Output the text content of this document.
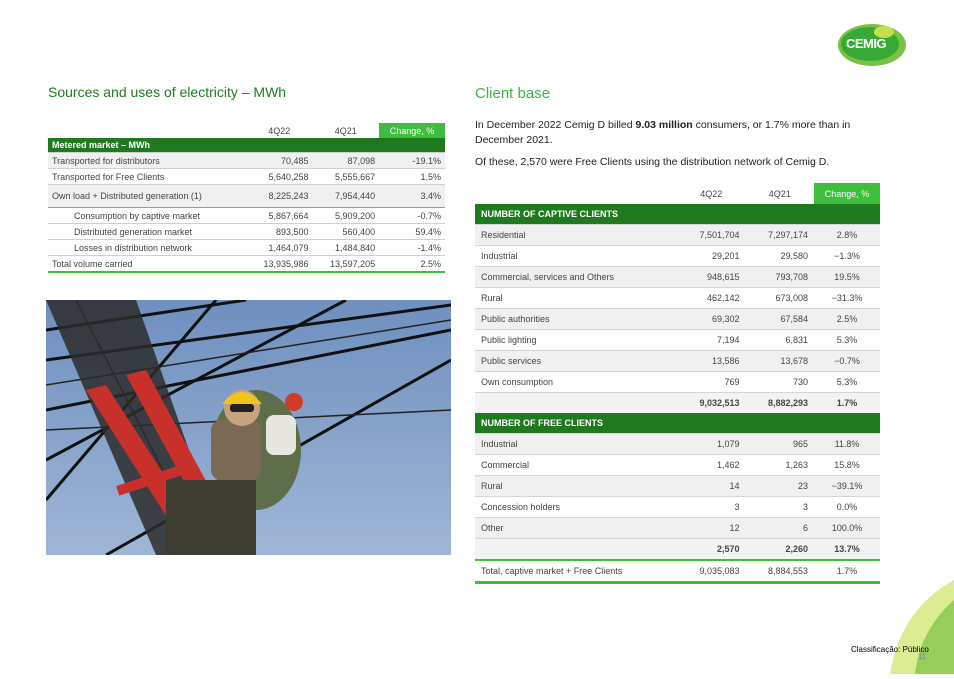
CEMIG
Sources and uses of electricity – MWh
	4Q22	4Q21	Change, %
Metered market – MWh			
Transported for distributors	70,485	87,098	-19.1%
Transported for Free Clients	5,640,258	5,555,667	1.5%
Own load + Distributed generation (1)	8,225,243	7,954,440	3.4%
Consumption by captive market	5,867,664	5,909,200	-0.7%
Distributed generation market	893,500	560,400	59.4%
Losses in distribution network	1,464,079	1,484,840	-1.4%
Total volume carried	13,935,986	13,597,205	2.5%
Client base
In December 2022 Cemig D billed 9.03 million consumers, or 1.7% more than in December 2021.
Of these, 2,570 were Free Clients using the distribution network of Cemig D.
	4Q22	4Q21	Change, %
NUMBER OF CAPTIVE CLIENTS			
Residential	7,501,704	7,297,174	2.8%
Industrial	29,201	29,580	−1.3%
Commercial, services and Others	948,615	793,708	19.5%
Rural	462,142	673,008	−31.3%
Public authorities	69,302	67,584	2.5%
Public lighting	7,194	6,831	5.3%
Public services	13,586	13,678	−0.7%
Own consumption	769	730	5.3%
	9,032,513	8,882,293	1.7%
NUMBER OF FREE CLIENTS			
Industrial	1,079	965	11.8%
Commercial	1,462	1,263	15.8%
Rural	14	23	−39.1%
Concession holders	3	3	0.0%
Other	12	6	100.0%
	2,570	2,260	13.7%
Total, captive market + Free Clients	9,035,083	8,884,553	1.7%
Classificação: Público
11
